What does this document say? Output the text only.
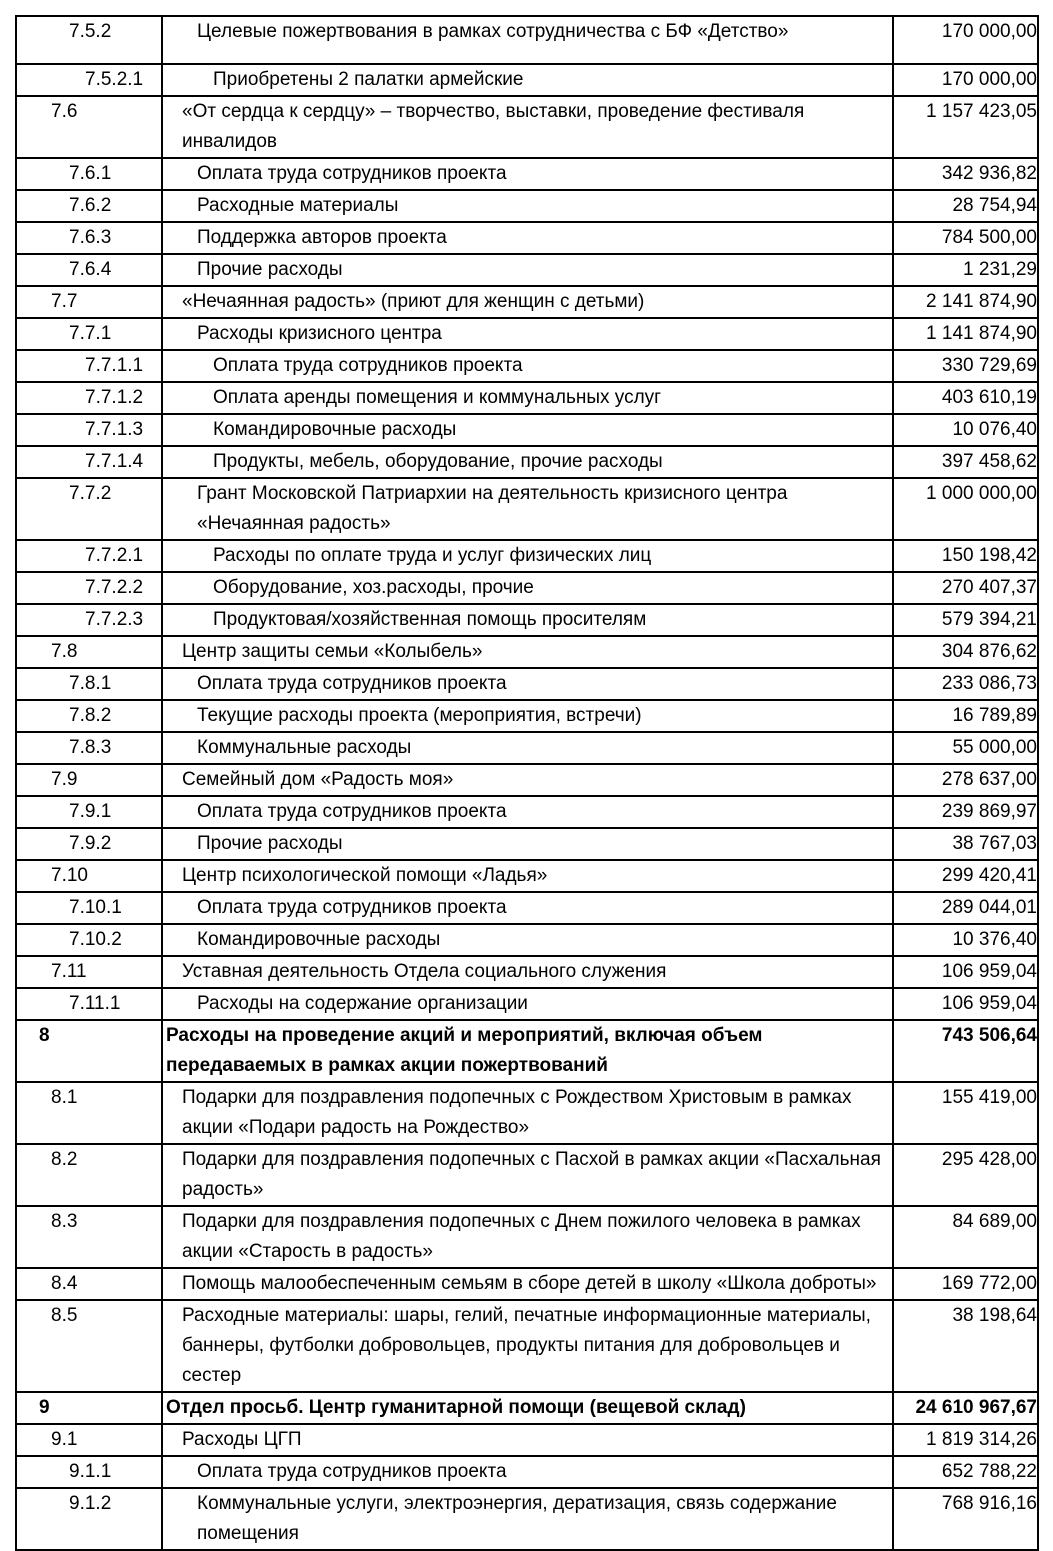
7.5.2	Целевые пожертвования в рамках сотрудничества с БФ «Детство»	170 000,00
7.5.2.1	Приобретены 2 палатки армейские	170 000,00
7.6	«От сердца к сердцу» – творчество, выставки, проведение фестиваля инвалидов	1 157 423,05
7.6.1	Оплата труда сотрудников проекта	342 936,82
7.6.2	Расходные материалы	28 754,94
7.6.3	Поддержка авторов проекта	784 500,00
7.6.4	Прочие расходы	1 231,29
7.7	«Нечаянная радость» (приют для женщин с детьми)	2 141 874,90
7.7.1	Расходы кризисного центра	1 141 874,90
7.7.1.1	Оплата труда сотрудников проекта	330 729,69
7.7.1.2	Оплата аренды помещения и коммунальных услуг	403 610,19
7.7.1.3	Командировочные расходы	10 076,40
7.7.1.4	Продукты, мебель, оборудование, прочие расходы	397 458,62
7.7.2	Грант Московской Патриархии на деятельность кризисного центра «Нечаянная радость»	1 000 000,00
7.7.2.1	Расходы по оплате труда и услуг физических лиц	150 198,42
7.7.2.2	Оборудование, хоз.расходы, прочие	270 407,37
7.7.2.3	Продуктовая/хозяйственная помощь просителям	579 394,21
7.8	Центр защиты семьи «Колыбель»	304 876,62
7.8.1	Оплата труда сотрудников проекта	233 086,73
7.8.2	Текущие расходы проекта (мероприятия, встречи)	16 789,89
7.8.3	Коммунальные расходы	55 000,00
7.9	Семейный дом «Радость моя»	278 637,00
7.9.1	Оплата труда сотрудников проекта	239 869,97
7.9.2	Прочие расходы	38 767,03
7.10	Центр психологической помощи «Ладья»	299 420,41
7.10.1	Оплата труда сотрудников проекта	289 044,01
7.10.2	Командировочные расходы	10 376,40
7.11	Уставная деятельность Отдела социального служения	106 959,04
7.11.1	Расходы на содержание организации	106 959,04
8	Расходы на проведение акций и мероприятий, включая объем передаваемых в рамках акции пожертвований	743 506,64
8.1	Подарки для поздравления подопечных с Рождеством Христовым в рамках акции «Подари радость на Рождество»	155 419,00
8.2	Подарки для поздравления подопечных с Пасхой в рамках акции «Пасхальная радость»	295 428,00
8.3	Подарки для поздравления подопечных с Днем пожилого человека в рамках акции «Старость в радость»	84 689,00
8.4	Помощь малообеспеченным семьям в сборе детей в школу «Школа доброты»	169 772,00
8.5	Расходные материалы: шары, гелий, печатные информационные материалы, баннеры, футболки добровольцев, продукты питания для добровольцев и сестер	38 198,64
9	Отдел просьб. Центр гуманитарной помощи (вещевой склад)	24 610 967,67
9.1	Расходы ЦГП	1 819 314,26
9.1.1	Оплата труда сотрудников проекта	652 788,22
9.1.2	Коммунальные услуги, электроэнергия, дератизация, связь содержание помещения	768 916,16
